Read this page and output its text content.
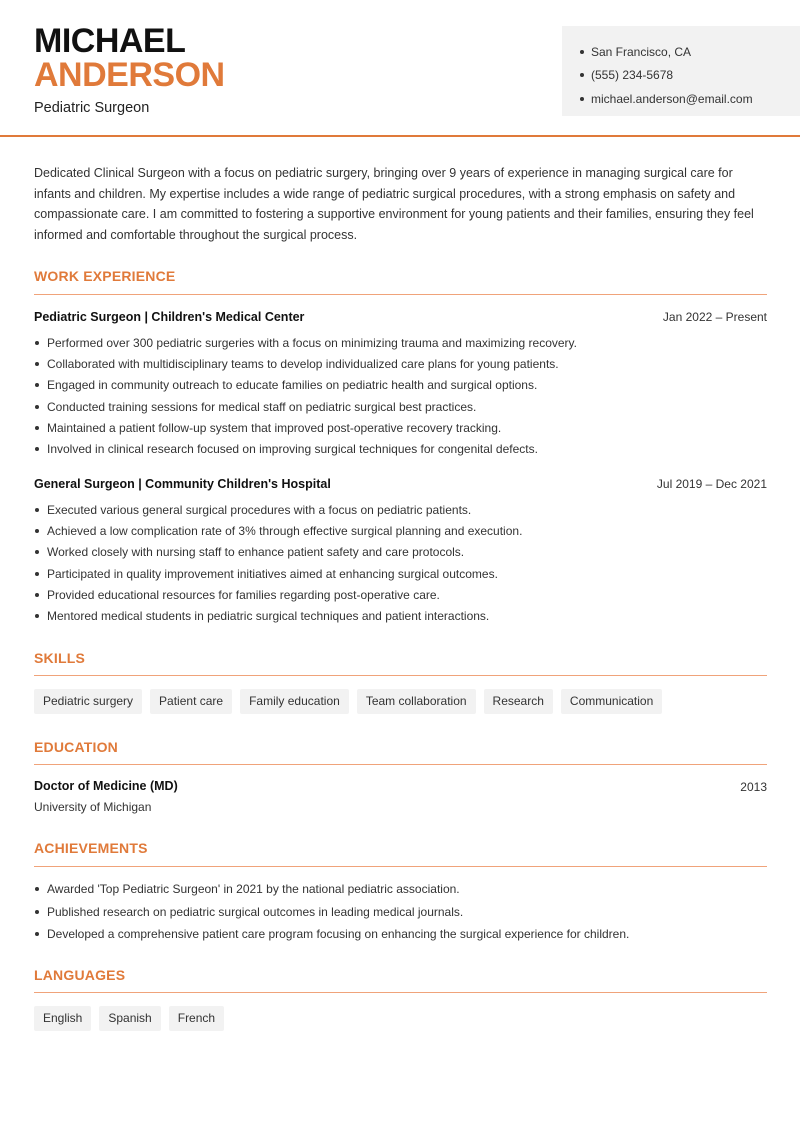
MICHAEL
ANDERSON
Pediatric Surgeon
San Francisco, CA
(555) 234-5678
michael.anderson@email.com

Dedicated Clinical Surgeon with a focus on pediatric surgery, bringing over 9 years of experience in managing surgical care for infants and children. My expertise includes a wide range of pediatric surgical procedures, with a strong emphasis on safety and compassionate care. I am committed to fostering a supportive environment for young patients and their families, ensuring they feel informed and comfortable throughout the surgical process.

WORK EXPERIENCE
Pediatric Surgeon | Children's Medical Center	Jan 2022 – Present
Performed over 300 pediatric surgeries with a focus on minimizing trauma and maximizing recovery.
Collaborated with multidisciplinary teams to develop individualized care plans for young patients.
Engaged in community outreach to educate families on pediatric health and surgical options.
Conducted training sessions for medical staff on pediatric surgical best practices.
Maintained a patient follow-up system that improved post-operative recovery tracking.
Involved in clinical research focused on improving surgical techniques for congenital defects.
General Surgeon | Community Children's Hospital	Jul 2019 – Dec 2021
Executed various general surgical procedures with a focus on pediatric patients.
Achieved a low complication rate of 3% through effective surgical planning and execution.
Worked closely with nursing staff to enhance patient safety and care protocols.
Participated in quality improvement initiatives aimed at enhancing surgical outcomes.
Provided educational resources for families regarding post-operative care.
Mentored medical students in pediatric surgical techniques and patient interactions.
SKILLS
Pediatric surgery	Patient care	Family education	Team collaboration	Research	Communication
EDUCATION
Doctor of Medicine (MD)	2013
University of Michigan
ACHIEVEMENTS
Awarded 'Top Pediatric Surgeon' in 2021 by the national pediatric association.
Published research on pediatric surgical outcomes in leading medical journals.
Developed a comprehensive patient care program focusing on enhancing the surgical experience for children.
LANGUAGES
English	Spanish	French
